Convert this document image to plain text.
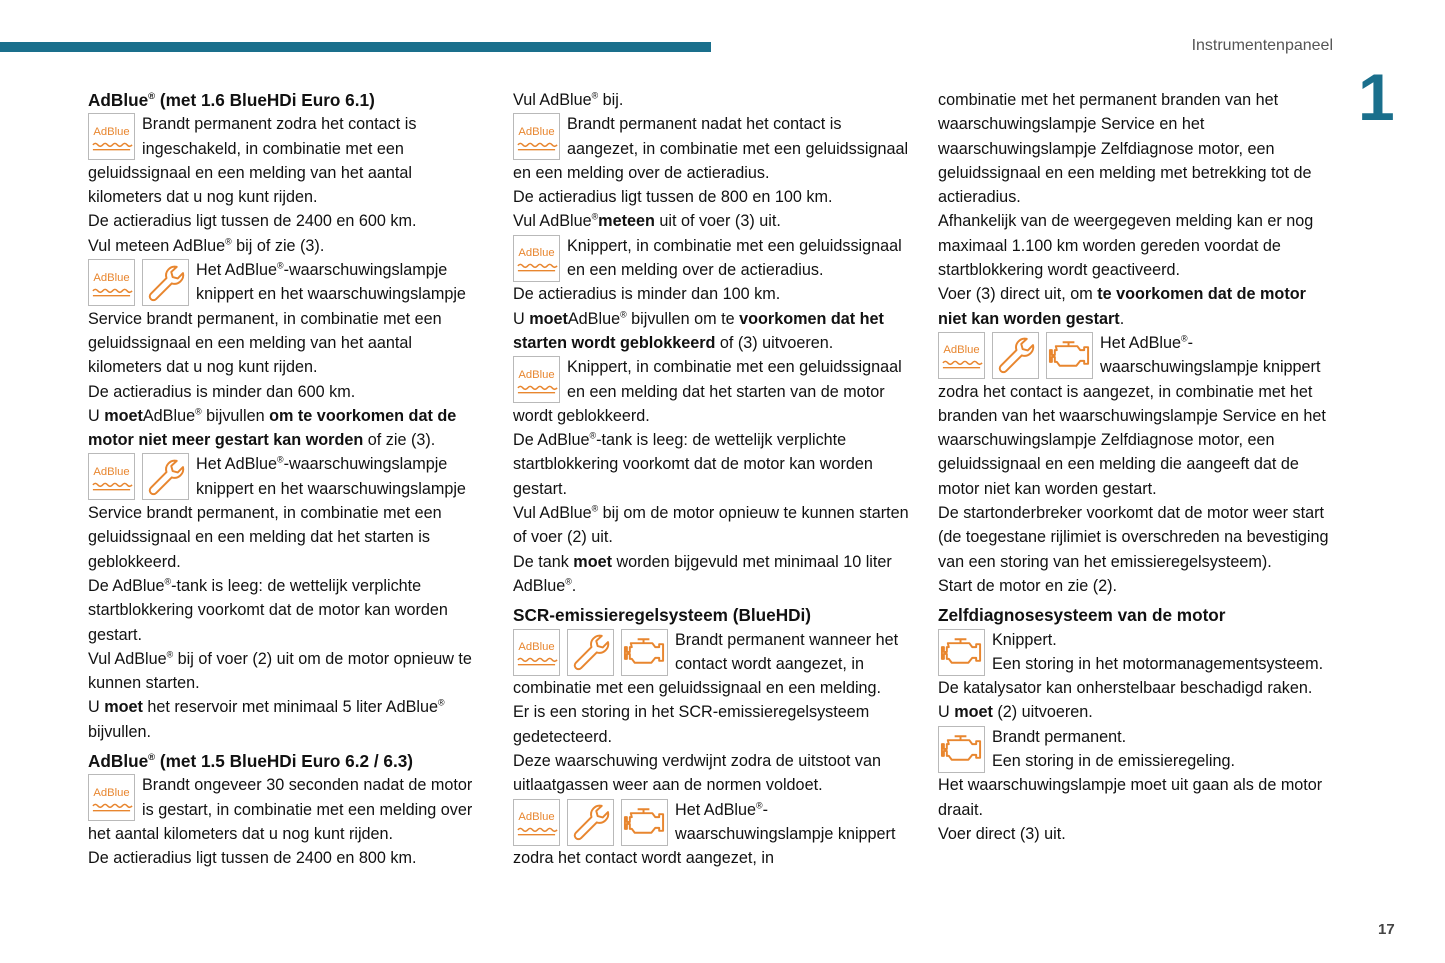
Instrumentenpaneel
1
AdBlue® (met 1.6 BlueHDi Euro 6.1)
AdBlue Brandt permanent zodra het contact is ingeschakeld, in combinatie met een geluidssignaal en een melding van het aantal kilometers dat u nog kunt rijden.

De actieradius ligt tussen de 2400 en 600 km.

Vul meteen AdBlue® bij of zie (3).

AdBlue	Het AdBlue®-waarschuwingslampje knippert en het waarschuwingslampje Service brandt permanent, in combinatie met een geluidssignaal en een melding van het aantal kilometers dat u nog kunt rijden.

De actieradius is minder dan 600 km.

U moetAdBlue® bijvullen om te voorkomen dat de motor niet meer gestart kan worden of zie (3).

AdBlue	Het AdBlue®-waarschuwingslampje knippert en het waarschuwingslampje Service brandt permanent, in combinatie met een geluidssignaal en een melding dat het starten is geblokkeerd.

De AdBlue®-tank is leeg: de wettelijk verplichte startblokkering voorkomt dat de motor kan worden gestart.

Vul AdBlue® bij of voer (2) uit om de motor opnieuw te kunnen starten.

U moet het reservoir met minimaal 5 liter AdBlue® bijvullen.

AdBlue® (met 1.5 BlueHDi Euro 6.2 / 6.3)
AdBlue Brandt ongeveer 30 seconden nadat de motor is gestart, in combinatie met een melding over het aantal kilometers dat u nog kunt rijden.

De actieradius ligt tussen de 2400 en 800 km.

Vul AdBlue® bij.

AdBlue Brandt permanent nadat het contact is aangezet, in combinatie met een geluidssignaal en een melding over de actieradius.

De actieradius ligt tussen de 800 en 100 km.

Vul AdBlue®meteen uit of voer (3) uit.

AdBlue Knippert, in combinatie met een geluidssignaal en een melding over de actieradius.

De actieradius is minder dan 100 km.

U moetAdBlue® bijvullen om te voorkomen dat het starten wordt geblokkeerd of (3) uitvoeren.

AdBlue Knippert, in combinatie met een geluidssignaal en een melding dat het starten van de motor wordt geblokkeerd.

De AdBlue®-tank is leeg: de wettelijk verplichte startblokkering voorkomt dat de motor kan worden gestart.

Vul AdBlue® bij om de motor opnieuw te kunnen starten of voer (2) uit.

De tank moet worden bijgevuld met minimaal 10 liter AdBlue®.

SCR-emissieregelsysteem (BlueHDi)
AdBlue	Brandt permanent wanneer het contact wordt aangezet, in combinatie met een geluidssignaal en een melding.

Er is een storing in het SCR-emissieregelsysteem gedetecteerd.

Deze waarschuwing verdwijnt zodra de uitstoot van uitlaatgassen weer aan de normen voldoet.

AdBlue	Het AdBlue®-waarschuwingslampje knippert zodra het contact wordt aangezet, in

combinatie met het permanent branden van het waarschuwingslampje Service en het waarschuwingslampje Zelfdiagnose motor, een geluidssignaal en een melding met betrekking tot de actieradius.

Afhankelijk van de weergegeven melding kan er nog maximaal 1.100 km worden gereden voordat de startblokkering wordt geactiveerd.

Voer (3) direct uit, om te voorkomen dat de motor niet kan worden gestart.

AdBlue	Het AdBlue®-waarschuwingslampje knippert zodra het contact is aangezet, in combinatie met het branden van het waarschuwingslampje Service en het waarschuwingslampje Zelfdiagnose motor, een geluidssignaal en een melding die aangeeft dat de motor niet kan worden gestart.

De startonderbreker voorkomt dat de motor weer start (de toegestane rijlimiet is overschreden na bevestiging van een storing van het emissieregelsysteem).

Start de motor en zie (2).

Zelfdiagnosesysteem van de motor
Knippert.
Een storing in het motormanagementsysteem.

De katalysator kan onherstelbaar beschadigd raken.

U moet (2) uitvoeren.

Brandt permanent.
Een storing in de emissieregeling.

Het waarschuwingslampje moet uit gaan als de motor draait.

Voer direct (3) uit.

17
